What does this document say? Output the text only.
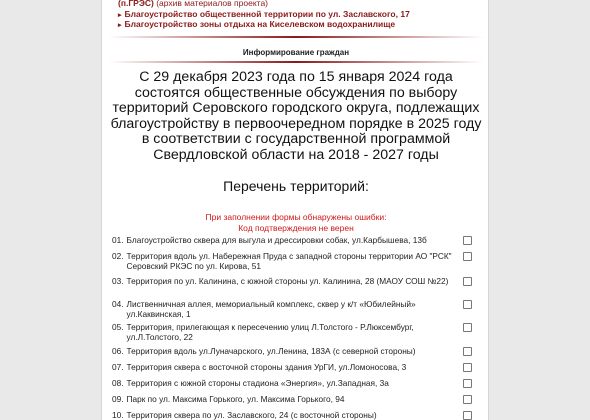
(п.ГРЭС) (архив материалов проекта)
▸ Благоустройство общественной территории по ул. Заславского, 17
▸ Благоустройство зоны отдыха на Киселевском водохранилище
Информирование граждан
С 29 декабря 2023 года по 15 января 2024 года состоятся общественные обсуждения по выбору территорий Серовского городского округа, подлежащих благоустройству в первоочередном порядке в 2025 году в соответствии с государственной программой Свердловской области на 2018 - 2027 годы
Перечень территорий:
При заполнении формы обнаружены ошибки:
Код подтверждения не верен
01. Благоустройство сквера для выгула и дрессировки собак, ул.Карбышева, 13б
02. Территория вдоль ул. Набережная Пруда с западной стороны территории АО "РСК" Серовский РКЭС по ул. Кирова, 51
03. Территория по ул. Калинина, с южной стороны ул. Калинина, 28 (МАОУ СОШ №22)
04. Лиственничная аллея, мемориальный комплекс, сквер у к/т «Юбилейный» ул.Каквинская, 1
05. Территория, прилегающая к пересечению улиц Л.Толстого - Р.Люксембург, ул.Л.Толстого, 22
06. Территория вдоль ул.Луначарского, ул.Ленина, 183А (с северной стороны)
07. Территория сквера с восточной стороны здания УрГИ, ул.Ломоносова, 3
08. Территория с южной стороны стадиона «Энергия», ул.Западная, 3а
09. Парк по ул. Максима Горького, ул. Максима Горького, 94
10. Территория сквера по ул. Заславского, 24 (с восточной стороны)
